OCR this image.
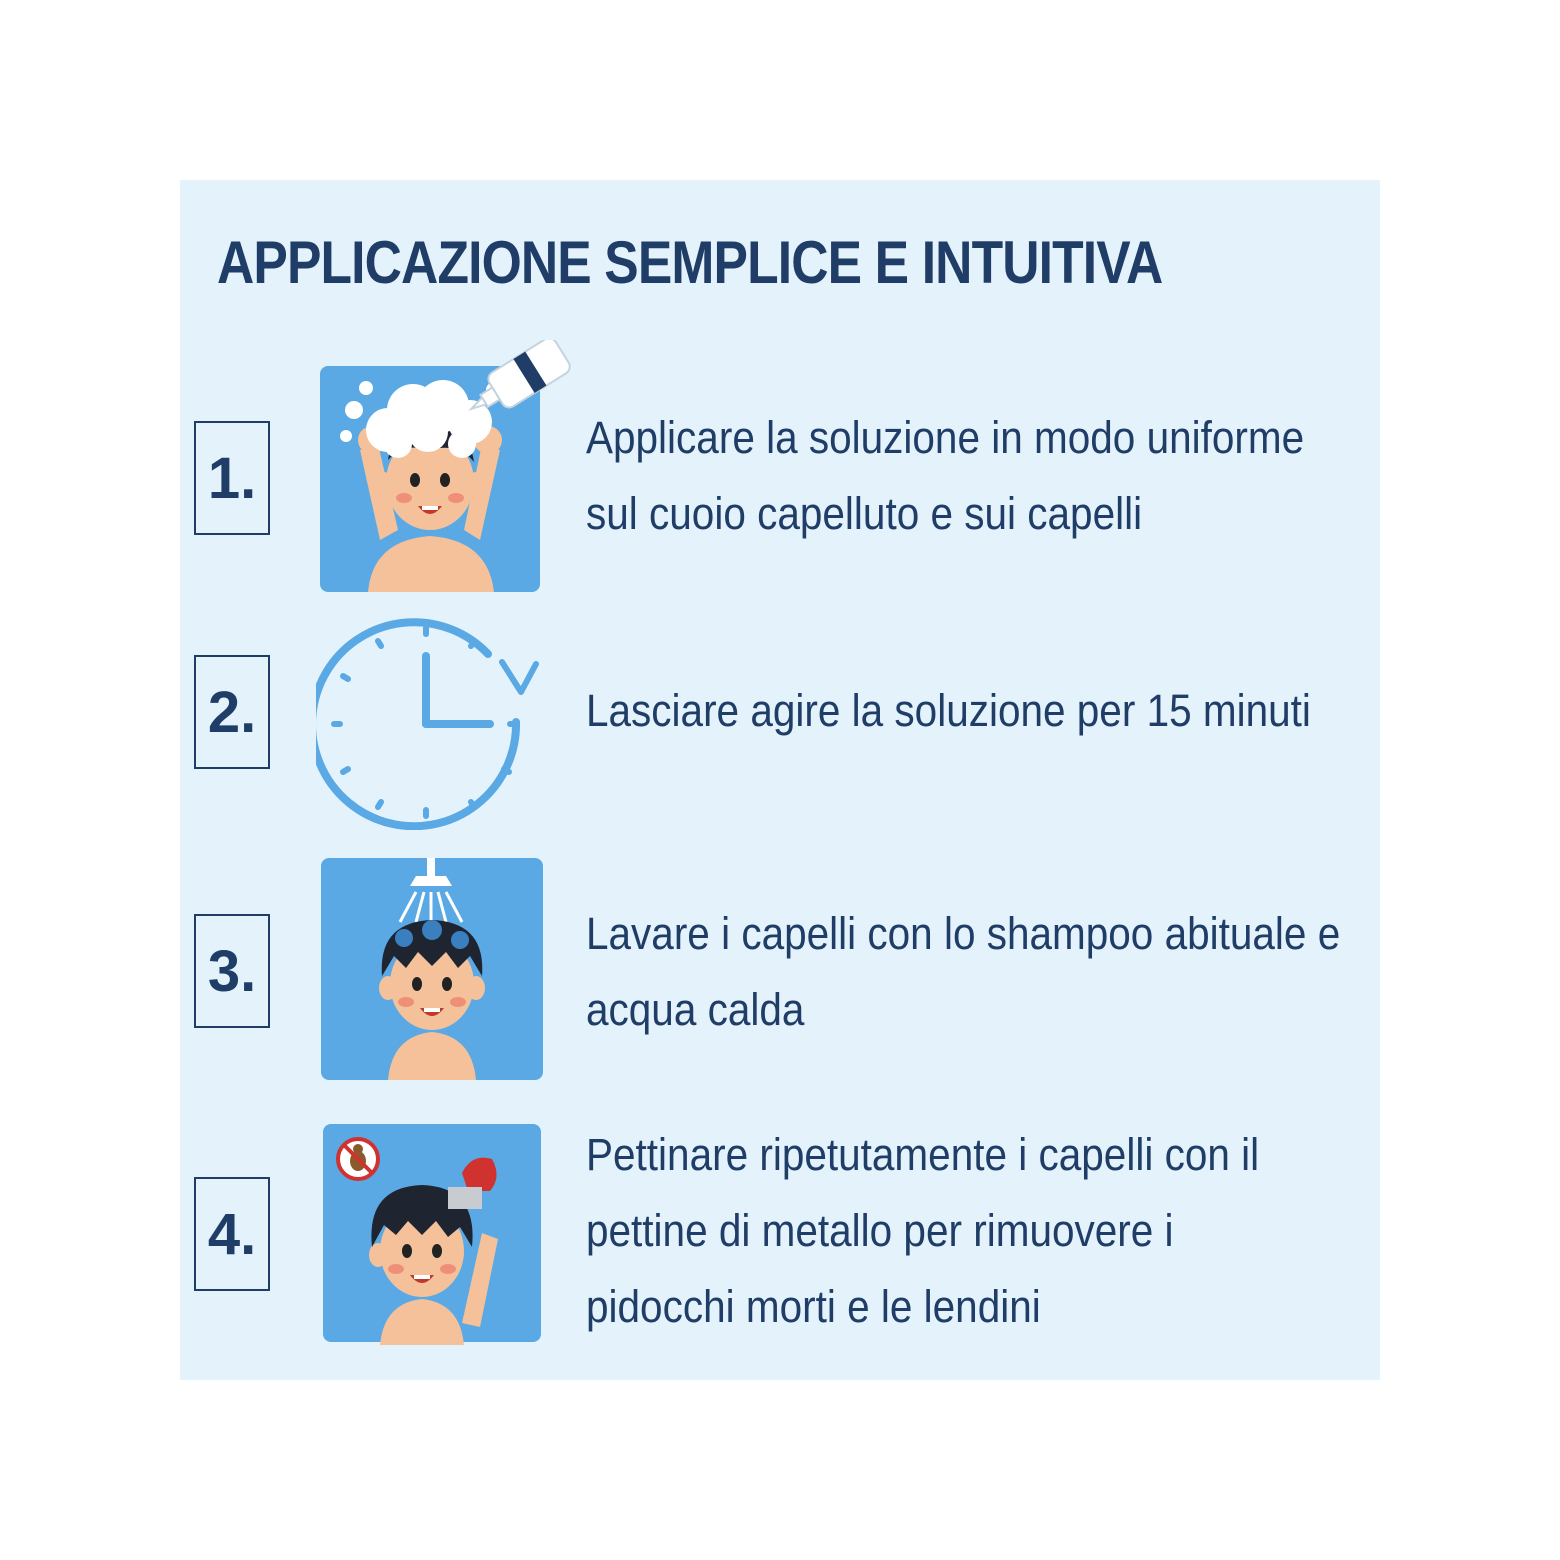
APPLICAZIONE SEMPLICE E INTUITIVA
1.
Applicare la soluzione in modo uniforme
sul cuoio capelluto e sui capelli
2.	Lasciare agire la soluzione per 15 minuti
3.
Lavare i capelli con lo shampoo abituale e
acqua calda
4.
Pettinare ripetutamente i capelli con il
pettine di metallo per rimuovere i
pidocchi morti e le lendini
